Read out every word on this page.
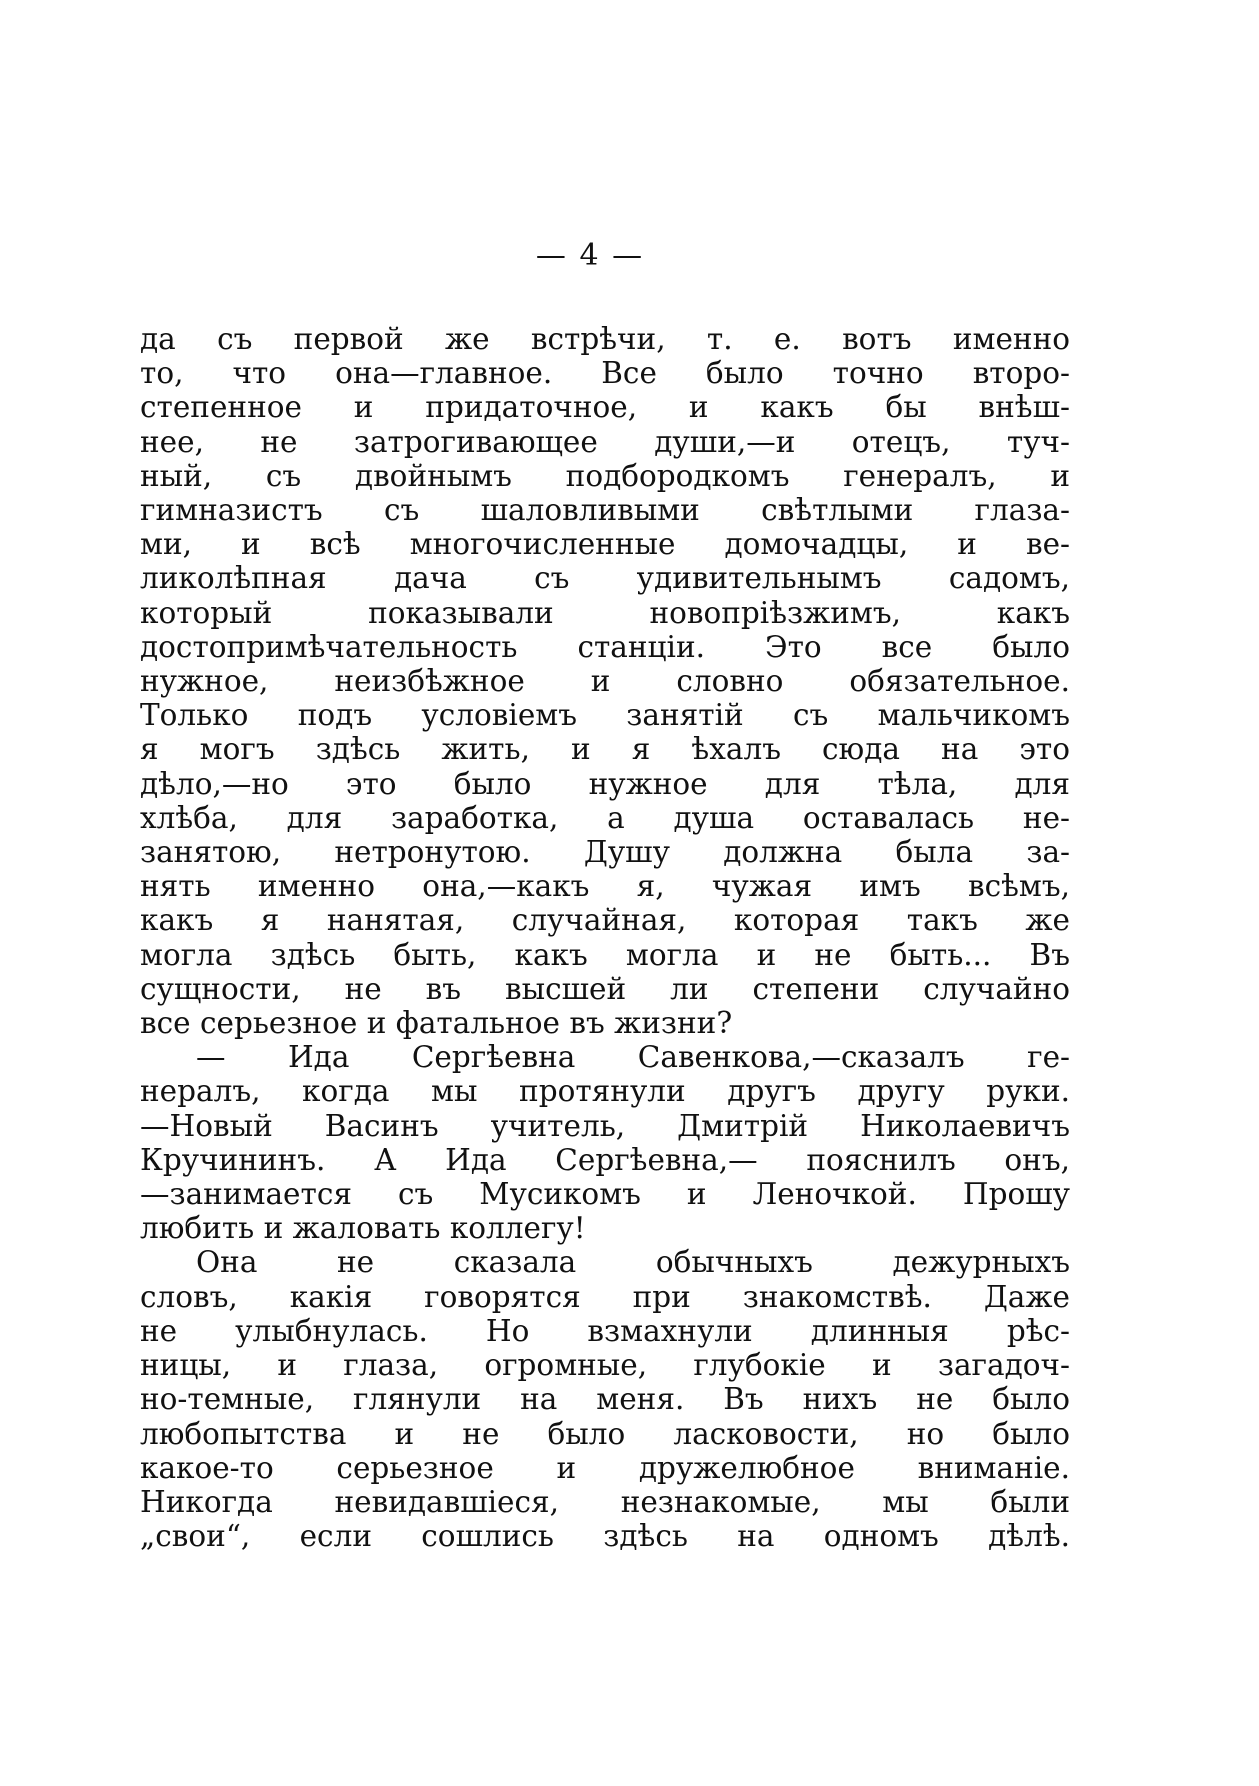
— 4 —
да съ первой же встрѣчи, т. е. вотъ именно
то, что она—главное. Все было точно второ-
степенное и придаточное, и какъ бы внѣш-
нее, не затрогивающее души,—и отецъ, туч-
ный, съ двойнымъ подбородкомъ генералъ, и
гимназистъ съ шаловливыми свѣтлыми глаза-
ми, и всѣ многочисленные домочадцы, и ве-
ликолѣпная дача съ удивительнымъ садомъ,
который показывали новопріѣзжимъ, какъ
достопримѣчательность станціи. Это все было
нужное, неизбѣжное и словно обязательное.
Только подъ условіемъ занятій съ мальчикомъ
я могъ здѣсь жить, и я ѣхалъ сюда на это
дѣло,—но это было нужное для тѣла, для
хлѣба, для заработка, а душа оставалась не-
занятою, нетронутою. Душу должна была за-
нять именно она,—какъ я, чужая имъ всѣмъ,
какъ я нанятая, случайная, которая такъ же
могла здѣсь быть, какъ могла и не быть... Въ
сущности, не въ высшей ли степени случайно
все серьезное и фатальное въ жизни?
— Ида Сергѣевна Савенкова,—сказалъ ге-
нералъ, когда мы протянули другъ другу руки.
—Новый Васинъ учитель, Дмитрій Николаевичъ
Кручининъ. А Ида Сергѣевна,— пояснилъ онъ,
—занимается съ Мусикомъ и Леночкой. Прошу
любить и жаловать коллегу!
Она не сказала обычныхъ дежурныхъ
словъ, какія говорятся при знакомствѣ. Даже
не улыбнулась. Но взмахнули длинныя рѣс-
ницы, и глаза, огромные, глубокіе и загадоч-
но-темные, глянули на меня. Въ нихъ не было
любопытства и не было ласковости, но было
какое-то серьезное и дружелюбное вниманіе.
Никогда невидавшіеся, незнакомые, мы были
„свои“, если сошлись здѣсь на одномъ дѣлѣ.
